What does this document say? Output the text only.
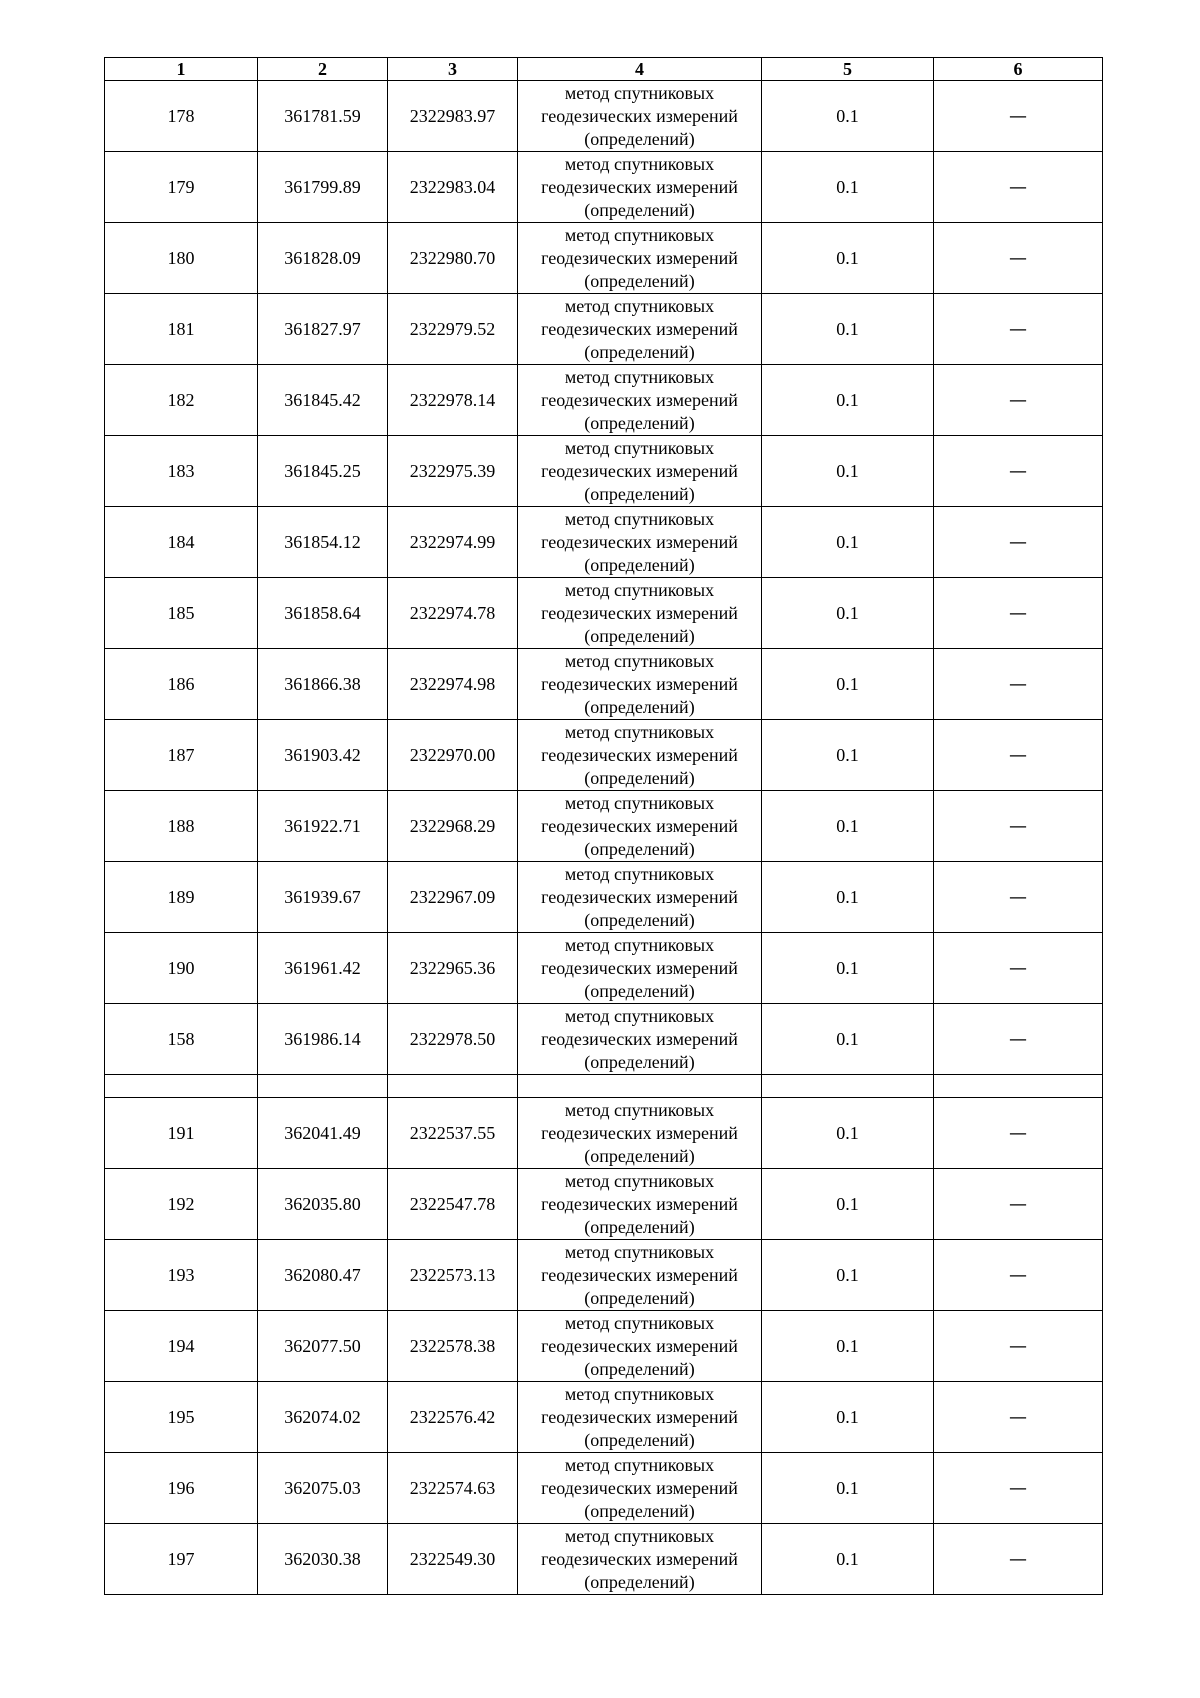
1	2	3	4	5	6
178	361781.59	2322983.97	метод спутниковых
геодезических измерений
(определений)	0.1	—
179	361799.89	2322983.04	метод спутниковых
геодезических измерений
(определений)	0.1	—
180	361828.09	2322980.70	метод спутниковых
геодезических измерений
(определений)	0.1	—
181	361827.97	2322979.52	метод спутниковых
геодезических измерений
(определений)	0.1	—
182	361845.42	2322978.14	метод спутниковых
геодезических измерений
(определений)	0.1	—
183	361845.25	2322975.39	метод спутниковых
геодезических измерений
(определений)	0.1	—
184	361854.12	2322974.99	метод спутниковых
геодезических измерений
(определений)	0.1	—
185	361858.64	2322974.78	метод спутниковых
геодезических измерений
(определений)	0.1	—
186	361866.38	2322974.98	метод спутниковых
геодезических измерений
(определений)	0.1	—
187	361903.42	2322970.00	метод спутниковых
геодезических измерений
(определений)	0.1	—
188	361922.71	2322968.29	метод спутниковых
геодезических измерений
(определений)	0.1	—
189	361939.67	2322967.09	метод спутниковых
геодезических измерений
(определений)	0.1	—
190	361961.42	2322965.36	метод спутниковых
геодезических измерений
(определений)	0.1	—
158	361986.14	2322978.50	метод спутниковых
геодезических измерений
(определений)	0.1	—

191	362041.49	2322537.55	метод спутниковых
геодезических измерений
(определений)	0.1	—
192	362035.80	2322547.78	метод спутниковых
геодезических измерений
(определений)	0.1	—
193	362080.47	2322573.13	метод спутниковых
геодезических измерений
(определений)	0.1	—
194	362077.50	2322578.38	метод спутниковых
геодезических измерений
(определений)	0.1	—
195	362074.02	2322576.42	метод спутниковых
геодезических измерений
(определений)	0.1	—
196	362075.03	2322574.63	метод спутниковых
геодезических измерений
(определений)	0.1	—
197	362030.38	2322549.30	метод спутниковых
геодезических измерений
(определений)	0.1	—
